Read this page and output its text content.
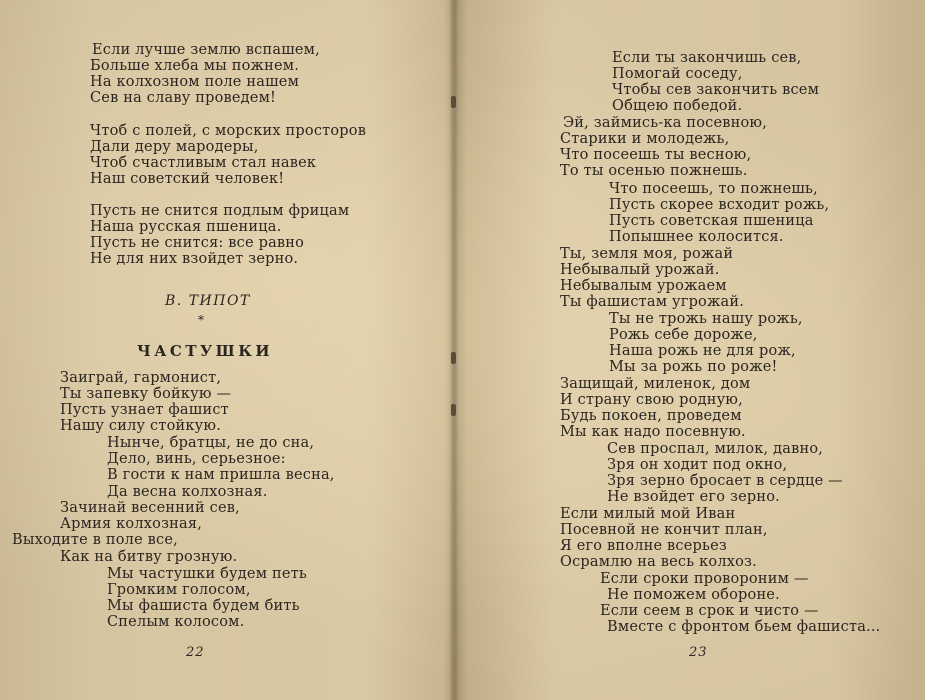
Если лучше землю вспашем,
Больше хлеба мы пожнем.
На колхозном поле нашем
Сев на славу проведем!
Чтоб с полей, с морских просторов
Дали деру мародеры,
Чтоб счастливым стал навек
Наш советский человек!
Пусть не снится подлым фрицам
Наша русская пшеница.
Пусть не снится: все равно
Не для них взойдет зерно.
В. ТИПОТ
*
ЧАСТУШКИ
Заиграй, гармонист,
Ты запевку бойкую —
Пусть узнает фашист
Нашу силу стойкую.
Нынче, братцы, не до сна,
Дело, винь, серьезное:
В гости к нам пришла весна,
Да весна колхозная.
Зачинай весенний сев,
Армия колхозная,
Выходите в поле все,
Как на битву грозную.
Мы частушки будем петь
Громким голосом,
Мы фашиста будем бить
Спелым колосом.
22
Если ты закончишь сев,
Помогай соседу,
Чтобы сев закончить всем
Общею победой.
Эй, займись-ка посевною,
Старики и молодежь,
Что посеешь ты весною,
То ты осенью пожнешь.
Что посеешь, то пожнешь,
Пусть скорее всходит рожь,
Пусть советская пшеница
Попышнее колосится.
Ты, земля моя, рожай
Небывалый урожай.
Небывалым урожаем
Ты фашистам угрожай.
Ты не трожь нашу рожь,
Рожь себе дороже,
Наша рожь не для рож,
Мы за рожь по роже!
Защищай, миленок, дом
И страну свою родную,
Будь покоен, проведем
Мы как надо посевную.
Сев проспал, милок, давно,
Зря он ходит под окно,
Зря зерно бросает в сердце —
Не взойдет его зерно.
Если милый мой Иван
Посевной не кончит план,
Я его вполне всерьез
Осрамлю на весь колхоз.
Если сроки провороним —
Не поможем обороне.
Если сеем в срок и чисто —
Вместе с фронтом бьем фашиста...
23
